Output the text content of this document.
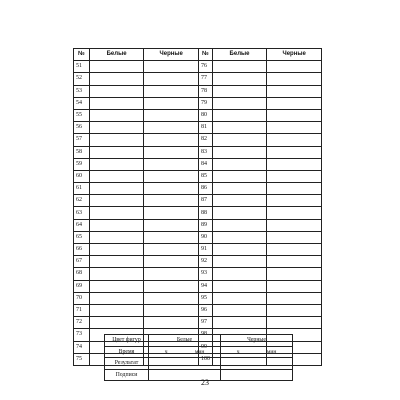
№	Белые	Черные	№	Белые	Черные
51			76		
52			77		
53			78		
54			79		
55			80		
56			81		
57			82		
58			83		
59			84		
60			85		
61			86		
62			87		
63			88		
64			89		
65			90		
66			91		
67			92		
68			93		
69			94		
70			95		
71			96		
72			97		
73			98		
74			99		
75			100		
Цвет фигур	Белые	Черные
Время	ч мин	ч мин

Результат		
Подписи		
23
